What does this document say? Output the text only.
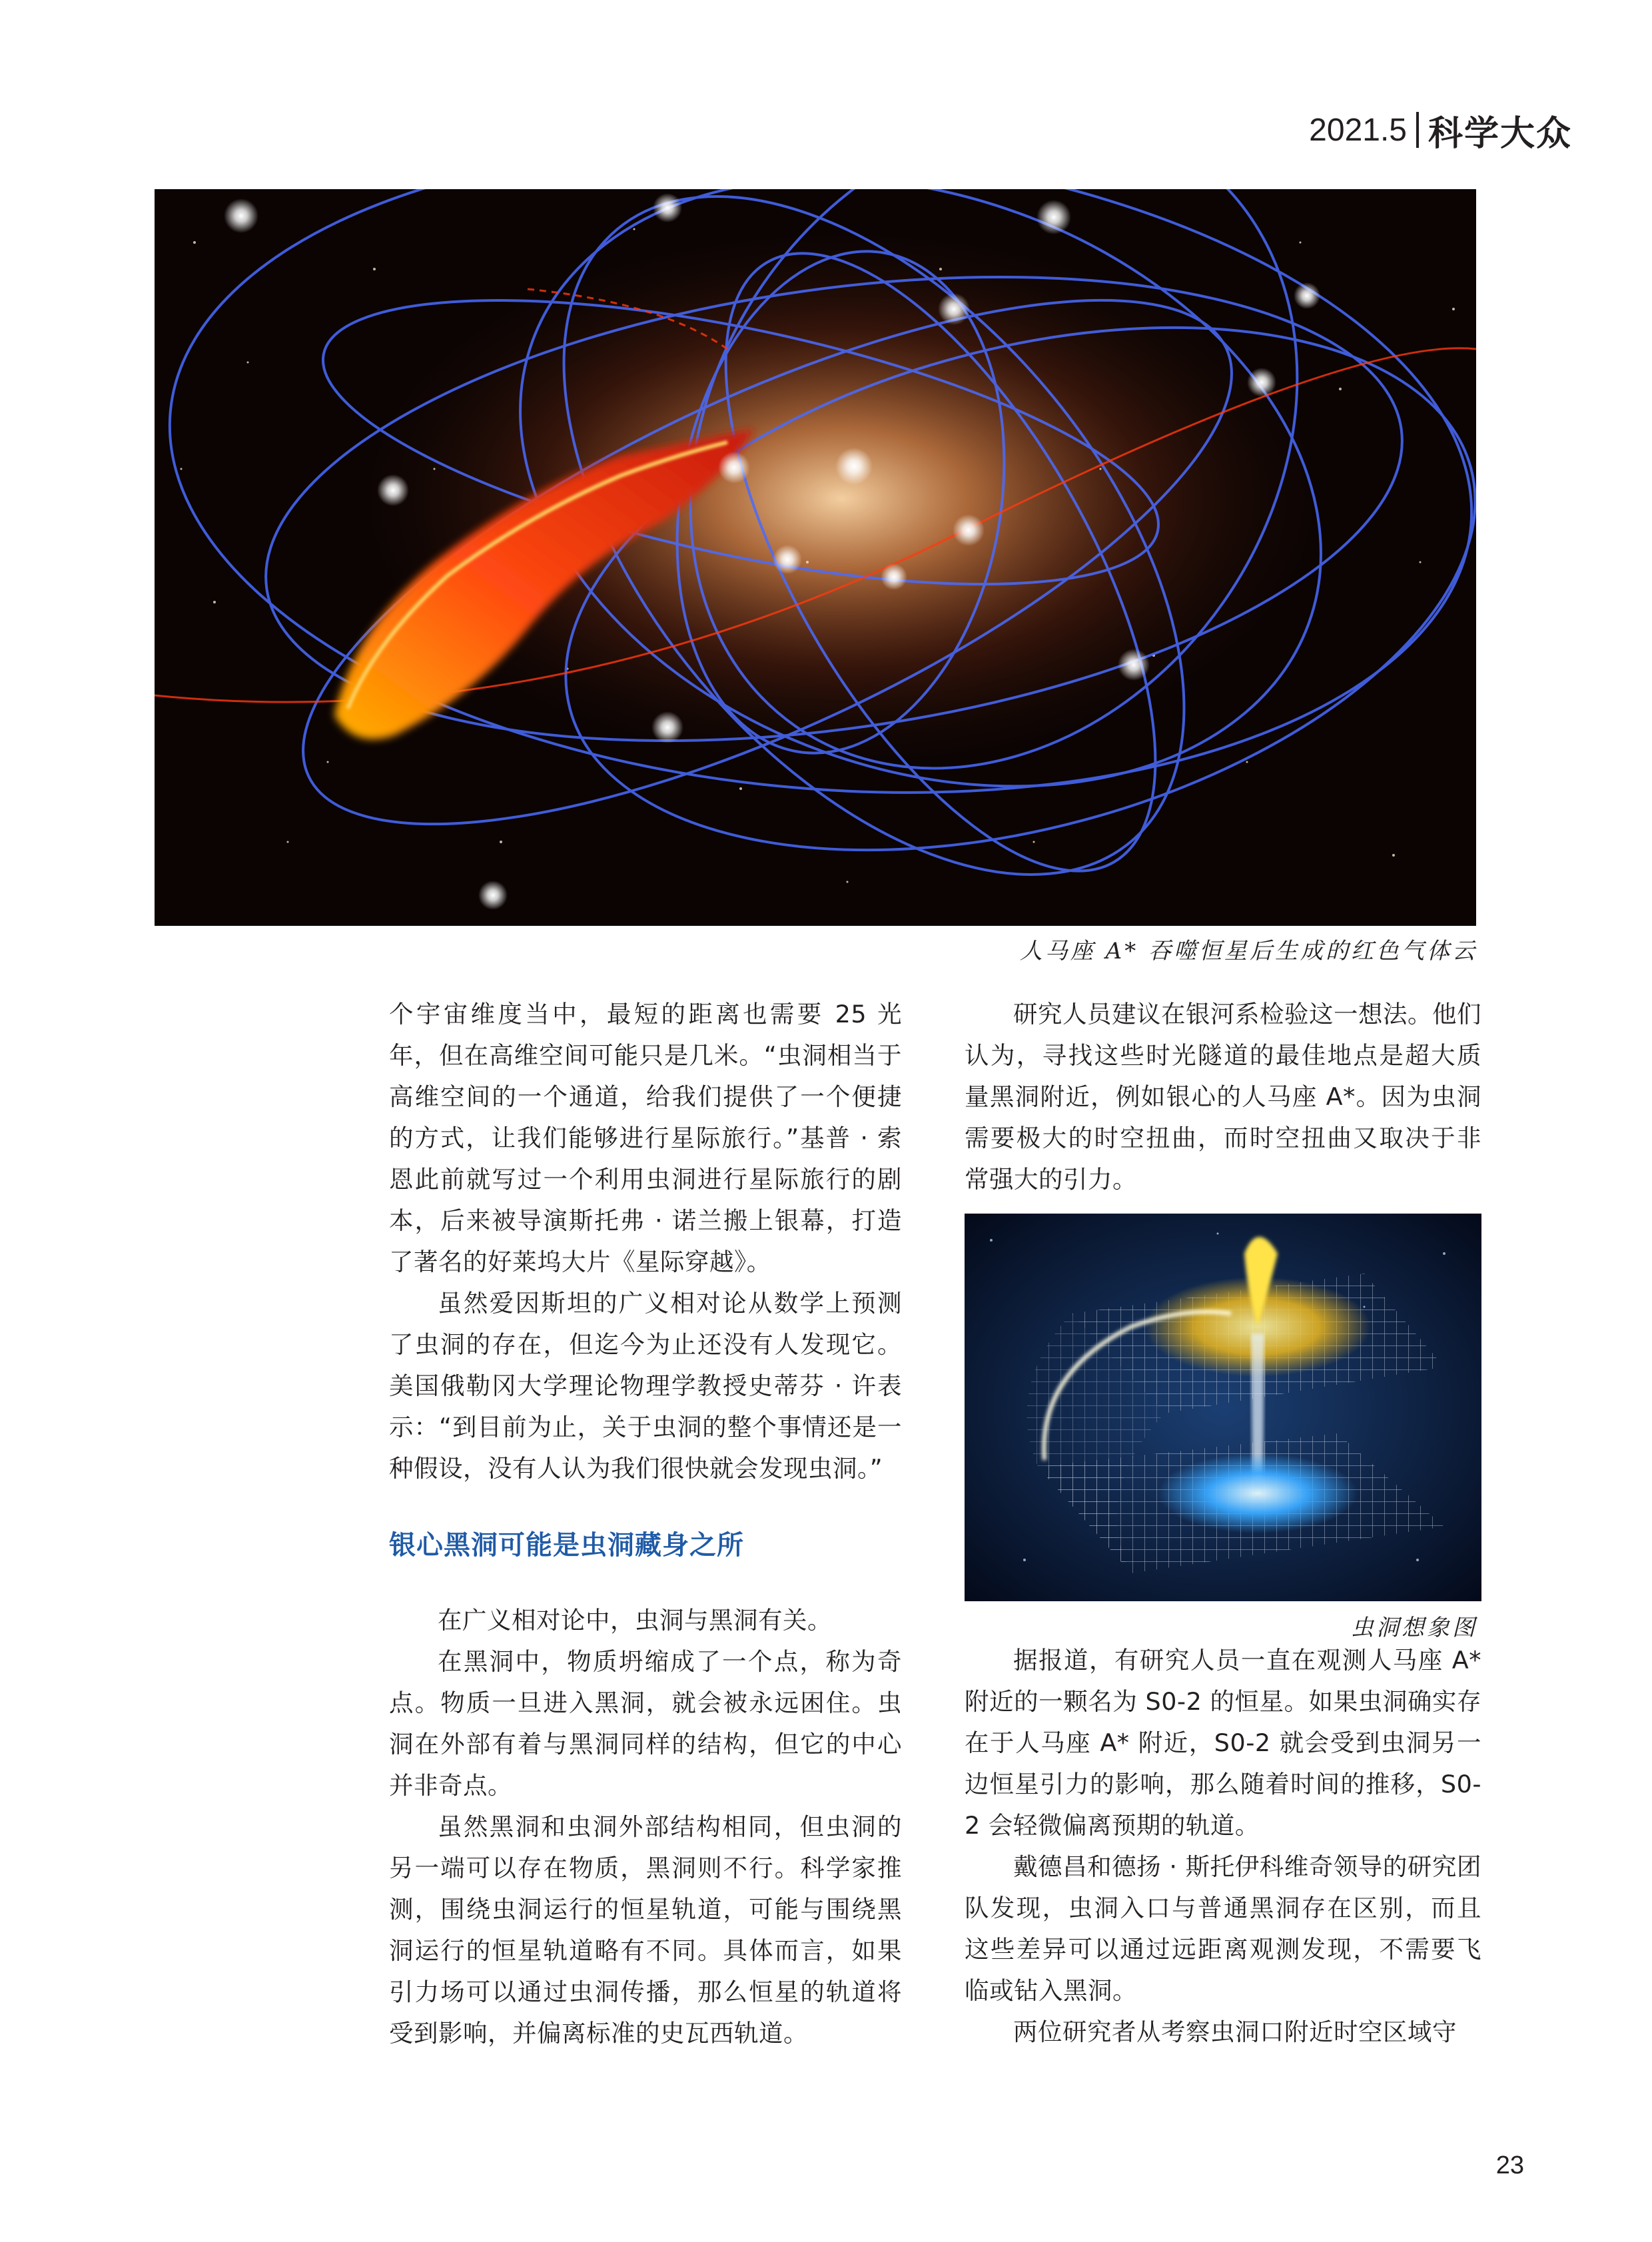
2021.5 科学大众
人马座 A* 吞噬恒星后生成的红色气体云

个宇宙维度当中，最短的距离也需要 25 光年，但在高维空间可能只是几米。“虫洞相当于高维空间的一个通道，给我们提供了一个便捷的方式，让我们能够进行星际旅行。”基普 · 索恩此前就写过一个利用虫洞进行星际旅行的剧本，后来被导演斯托弗 · 诺兰搬上银幕，打造了著名的好莱坞大片《星际穿越》。

虽然爱因斯坦的广义相对论从数学上预测了虫洞的存在，但迄今为止还没有人发现它。美国俄勒冈大学理论物理学教授史蒂芬 · 许表示：“到目前为止，关于虫洞的整个事情还是一种假设，没有人认为我们很快就会发现虫洞。”

银心黑洞可能是虫洞藏身之所

在广义相对论中，虫洞与黑洞有关。

在黑洞中，物质坍缩成了一个点，称为奇点。物质一旦进入黑洞，就会被永远困住。虫洞在外部有着与黑洞同样的结构，但它的中心并非奇点。

虽然黑洞和虫洞外部结构相同，但虫洞的另一端可以存在物质，黑洞则不行。科学家推测，围绕虫洞运行的恒星轨道，可能与围绕黑洞运行的恒星轨道略有不同。具体而言，如果引力场可以通过虫洞传播，那么恒星的轨道将受到影响，并偏离标准的史瓦西轨道。

研究人员建议在银河系检验这一想法。他们认为，寻找这些时光隧道的最佳地点是超大质量黑洞附近，例如银心的人马座 A*。因为虫洞需要极大的时空扭曲，而时空扭曲又取决于非常强大的引力。

虫洞想象图

据报道，有研究人员一直在观测人马座 A* 附近的一颗名为 S0-2 的恒星。如果虫洞确实存在于人马座 A* 附近，S0-2 就会受到虫洞另一边恒星引力的影响，那么随着时间的推移，S0-2 会轻微偏离预期的轨道。

戴德昌和德扬 · 斯托伊科维奇领导的研究团队发现，虫洞入口与普通黑洞存在区别，而且这些差异可以通过远距离观测发现，不需要飞临或钻入黑洞。

两位研究者从考察虫洞口附近时空区域守

23
